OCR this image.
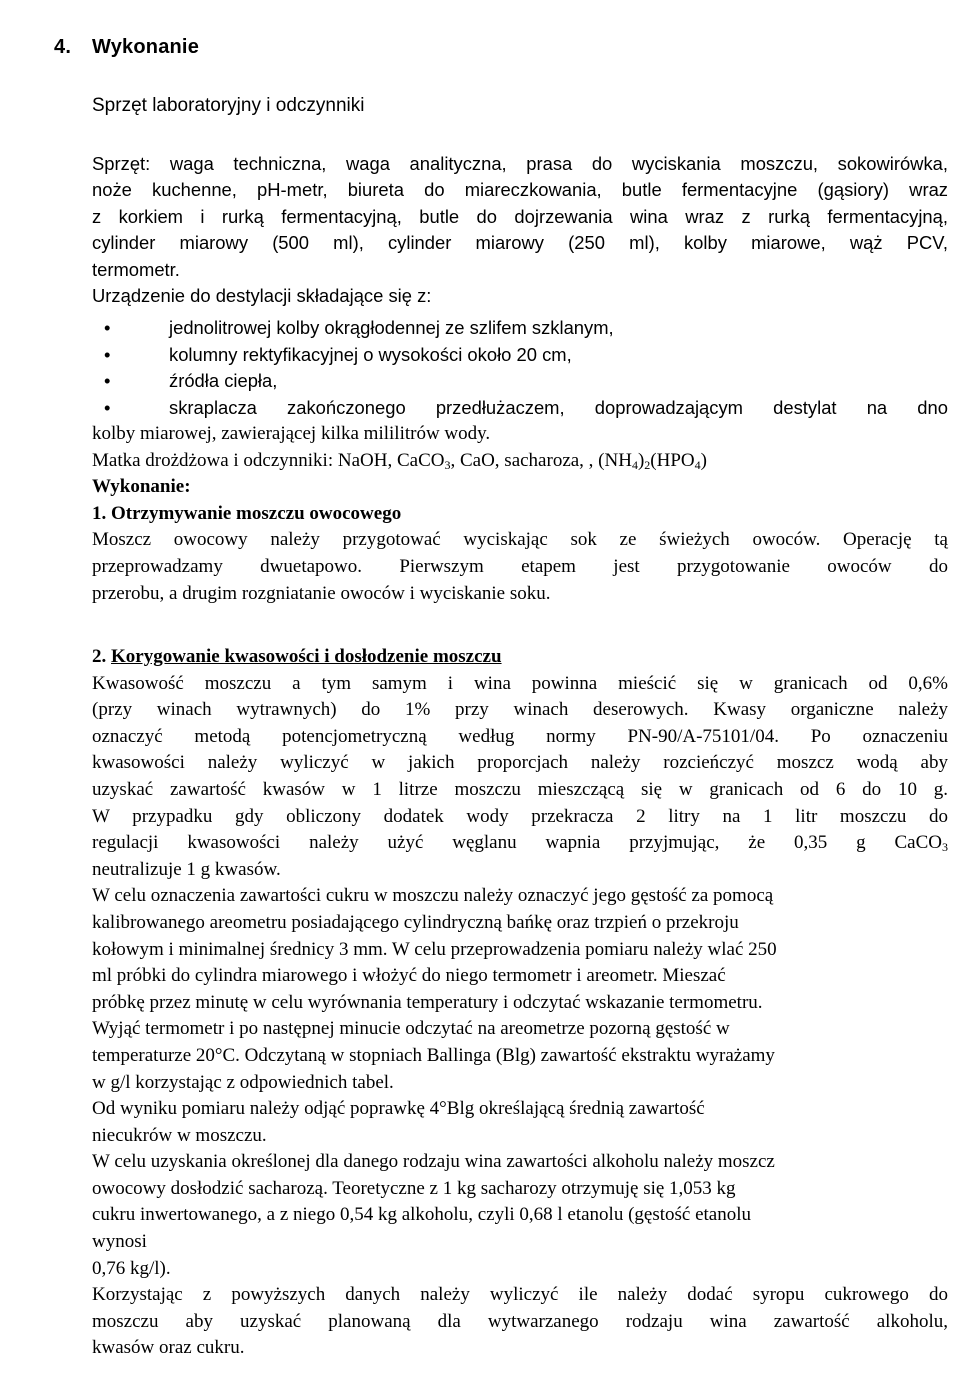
4. Wykonanie
Sprzęt laboratoryjny i odczynniki
Sprzęt: waga techniczna, waga analityczna, prasa do wyciskania moszczu, sokowirówka,
noże kuchenne, pH-metr, biureta do miareczkowania, butle fermentacyjne (gąsiory) wraz
z korkiem i rurką fermentacyjną, butle do dojrzewania wina wraz z rurką fermentacyjną,
cylinder miarowy (500 ml), cylinder miarowy (250 ml), kolby miarowe, wąż PCV,
termometr.
Urządzenie do destylacji składające się z:
•	jednolitrowej kolby okrągłodennej ze szlifem szklanym,
•	kolumny rektyfikacyjnej o wysokości około 20 cm,
•	źródła ciepła,
•	skraplacza zakończonego przedłużaczem, doprowadzającym destylat na dno
kolby miarowej, zawierającej kilka mililitrów wody.
Matka drożdżowa i odczynniki: NaOH, CaCO$_3$, CaO, sacharoza, , $(NH_4)_2(HPO_4)$
Wykonanie:
1. Otrzymywanie moszczu owocowego
Moszcz owocowy należy przygotować wyciskając sok ze świeżych owoców. Operację tą
przeprowadzamy dwuetapowo. Pierwszym etapem jest przygotowanie owoców do
przerobu, a drugim rozgniatanie owoców i wyciskanie soku.
2. Korygowanie kwasowości i dosłodzenie moszczu
Kwasowość moszczu a tym samym i wina powinna mieścić się w granicach od 0,6%
(przy winach wytrawnych) do 1% przy winach deserowych. Kwasy organiczne należy
oznaczyć metodą potencjometryczną według normy PN-90/A-75101/04. Po oznaczeniu
kwasowości należy wyliczyć w jakich proporcjach należy rozcieńczyć moszcz wodą aby
uzyskać zawartość kwasów w 1 litrze moszczu mieszczącą się w granicach od 6 do 10 g.
W przypadku gdy obliczony dodatek wody przekracza 2 litry na 1 litr moszczu do
regulacji kwasowości należy użyć węglanu wapnia przyjmując, że 0,35 g CaCO$_3$
neutralizuje 1 g kwasów.
W celu oznaczenia zawartości cukru w moszczu należy oznaczyć jego gęstość za pomocą
kalibrowanego areometru posiadającego cylindryczną bańkę oraz trzpień o przekroju
kołowym i minimalnej średnicy 3 mm. W celu przeprowadzenia pomiaru należy wlać 250
ml próbki do cylindra miarowego i włożyć do niego termometr i areometr. Mieszać
próbkę przez minutę w celu wyrównania temperatury i odczytać wskazanie termometru.
Wyjąć termometr i po następnej minucie odczytać na areometrze pozorną gęstość w
temperaturze 20°C. Odczytaną w stopniach Ballinga (Blg) zawartość ekstraktu wyrażamy
w g/l korzystając z odpowiednich tabel.
Od wyniku pomiaru należy odjąć poprawkę 4°Blg określającą średnią zawartość
niecukrów w moszczu.
W celu uzyskania określonej dla danego rodzaju wina zawartości alkoholu należy moszcz
owocowy dosłodzić sacharozą. Teoretyczne z 1 kg sacharozy otrzymuję się 1,053 kg
cukru inwertowanego, a z niego 0,54 kg alkoholu, czyli 0,68 l etanolu (gęstość etanolu
wynosi
0,76 kg/l).
Korzystając z powyższych danych należy wyliczyć ile należy dodać syropu cukrowego do
moszczu aby uzyskać planowaną dla wytwarzanego rodzaju wina zawartość alkoholu,
kwasów oraz cukru.
